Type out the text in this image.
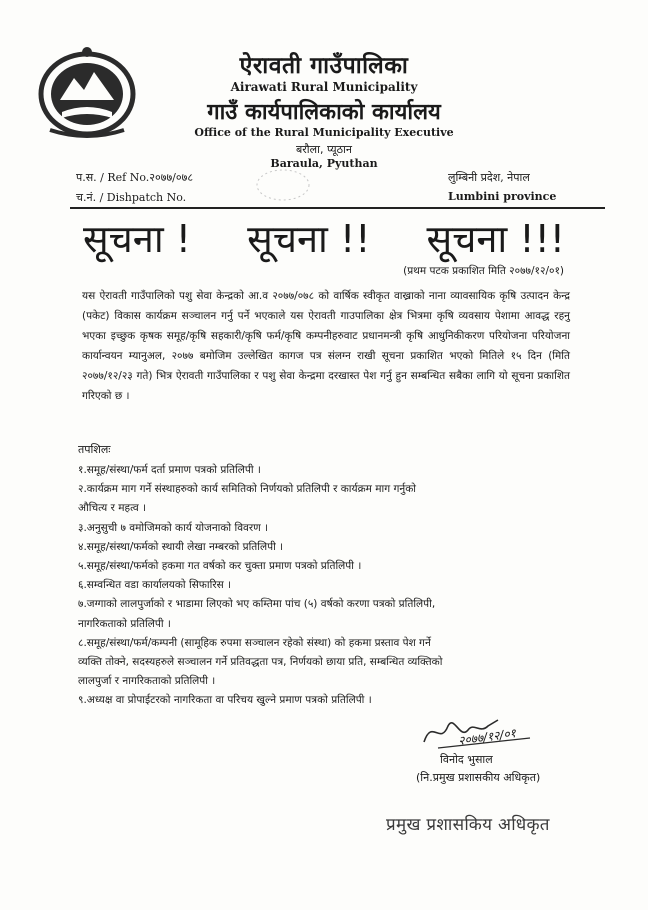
ऐरावती गाउँपालिका
Airawati Rural Municipality
गाउँ कार्यपालिकाको कार्यालय
Office of the Rural Municipality Executive
बरौला, प्यूठान
Baraula, Pyuthan
प.स. / Ref No.२०७७/०७८
च.नं. / Dishpatch No.
लुम्बिनी प्रदेश, नेपाल
Lumbini province
सूचना ! सूचना !! सूचना !!!
(प्रथम पटक प्रकाशित मिति २०७७/१२/०१)
यस ऐरावती गाउँपालिको पशु सेवा केन्द्रको आ.व २०७७/०७८ को वार्षिक स्वीकृत वाख्राको नाना व्यावसायिक कृषि उत्पादन केन्द्र (पकेट) विकास कार्यक्रम सञ्चालन गर्नु पर्ने भएकाले यस ऐरावती गाउपालिका क्षेत्र भित्रमा कृषि व्यवसाय पेशामा आवद्ध रहनु भएका इच्छुक कृषक समूह/कृषि सहकारी/कृषि फर्म/कृषि कम्पनीहरुवाट प्रधानमन्त्री कृषि आधुनिकीकरण परियोजना परियोजना कार्यान्वयन म्यानुअल, २०७७ बमोजिम उल्लेखित कागज पत्र संलग्न राखी सूचना प्रकाशित भएको मितिले १५ दिन (मिति २०७७/१२/२३ गते) भित्र ऐरावती गाउँपालिका र पशु सेवा केन्द्रमा दरखास्त पेश गर्नु हुन सम्बन्धित सबैका लागि यो सूचना प्रकाशित गरिएको छ ।
तपशिलः
१.समूह/संस्था/फर्म दर्ता प्रमाण पत्रको प्रतिलिपी ।
२.कार्यक्रम माग गर्ने संस्थाहरुको कार्य समितिको निर्णयको प्रतिलिपी र कार्यक्रम माग गर्नुको
औचित्य र महत्व ।
३.अनुसुची ७ वमोजिमको कार्य योजनाको विवरण ।
४.समूह/संस्था/फर्मको स्थायी लेखा नम्बरको प्रतिलिपी ।
५.समूह/संस्था/फर्मको हकमा गत वर्षको कर चुक्ता प्रमाण पत्रको प्रतिलिपी ।
६.सम्वन्धित वडा कार्यालयको सिफारिस ।
७.जग्गाको लालपुर्जाको र भाडामा लिएको भए कम्तिमा पांच (५) वर्षको करणा पत्रको प्रतिलिपी,
नागरिकताको प्रतिलिपी ।
८.समूह/संस्था/फर्म/कम्पनी (सामूहिक रुपमा सञ्चालन रहेको संस्था) को हकमा प्रस्ताव पेश गर्ने
व्यक्ति तोक्ने, सदस्यहरुले सञ्चालन गर्ने प्रतिवद्धता पत्र, निर्णयको छाया प्रति, सम्बन्धित व्यक्तिको
लालपुर्जा र नागरिकताको प्रतिलिपी ।
९.अध्यक्ष वा प्रोपाईटरको नागरिकता वा परिचय खुल्ने प्रमाण पत्रको प्रतिलिपी ।
२०७७/१२/०१
विनोद भुसाल
(नि.प्रमुख प्रशासकीय अधिकृत)
प्रमुख प्रशासकिय अधिकृत
